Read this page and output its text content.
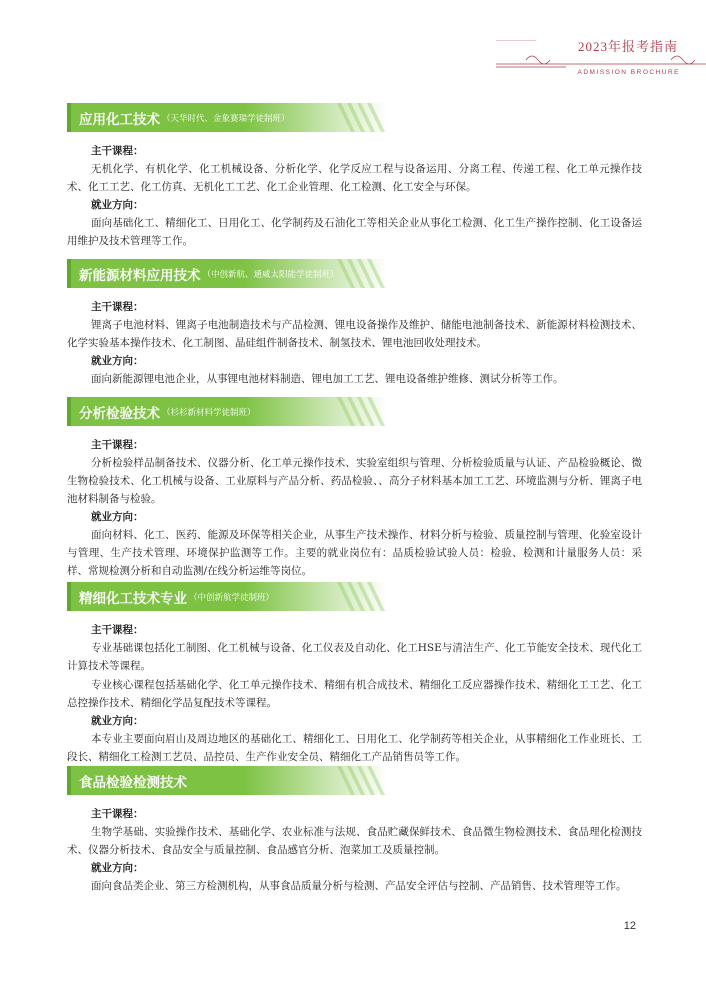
2023年报考指南
ADMISSION BROCHURE
应用化工技术 （天华时代、金象赛瑞学徒制班）
主干课程：

无机化学、有机化学、化工机械设备、分析化学、化学反应工程与设备运用、分离工程、传递工程、化工单元操作技术、化工工艺、化工仿真、无机化工工艺、化工企业管理、化工检测、化工安全与环保。

就业方向：

面向基础化工、精细化工、日用化工、化学制药及石油化工等相关企业从事化工检测、化工生产操作控制、化工设备运用维护及技术管理等工作。

新能源材料应用技术 （中创新航、通威太阳能学徒制班）
主干课程：

锂离子电池材料、锂离子电池制造技术与产品检测、锂电设备操作及维护、储能电池制备技术、新能源材料检测技术、化学实验基本操作技术、化工制图、晶硅组件制备技术、制氢技术、锂电池回收处理技术。

就业方向：

面向新能源锂电池企业，从事锂电池材料制造、锂电加工工艺、锂电设备维护维修、测试分析等工作。

分析检验技术 （杉杉新材料学徒制班）
主干课程：

分析检验样品制备技术、仪器分析、化工单元操作技术、实验室组织与管理、分析检验质量与认证、产品检验概论、微生物检验技术、化工机械与设备、工业原料与产品分析、药品检验、、高分子材料基本加工工艺、环境监测与分析、锂离子电池材料制备与检验。

就业方向：

面向材料、化工、医药、能源及环保等相关企业，从事生产技术操作、材料分析与检验、质量控制与管理、化验室设计与管理、生产技术管理、环境保护监测等工作。主要的就业岗位有：品质检验试验人员：检验、检测和计量服务人员：采样、常规检测分析和自动监测/在线分析运维等岗位。

精细化工技术专业 （中创新航学徒制班）
主干课程：

专业基础课包括化工制图、化工机械与设备、化工仪表及自动化、化工HSE与清洁生产、化工节能安全技术、现代化工计算技术等课程。

专业核心课程包括基础化学、化工单元操作技术、精细有机合成技术、精细化工反应器操作技术、精细化工工艺、化工总控操作技术、精细化学品复配技术等课程。

就业方向：

本专业主要面向眉山及周边地区的基础化工、精细化工、日用化工、化学制药等相关企业，从事精细化工作业班长、工段长、精细化工检测工艺员、品控员、生产作业安全员、精细化工产品销售员等工作。

食品检验检测技术
主干课程：

生物学基础、实验操作技术、基础化学、农业标准与法规、食品贮藏保鲜技术、食品微生物检测技术、食品理化检测技术、仪器分析技术、食品安全与质量控制、食品感官分析、泡菜加工及质量控制。

就业方向：

面向食品类企业、第三方检测机构，从事食品质量分析与检测、产品安全评估与控制、产品销售、技术管理等工作。

12
